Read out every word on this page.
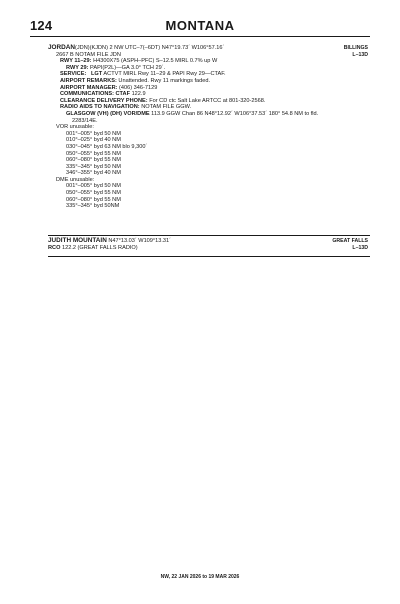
124	MONTANA
BILLINGS
L–13D
JORDAN(JDN)(KJDN) 2 NW UTC–7(–6DT) N47°19.73´ W106°57.16´
2667 B NOTAM FILE JDN
RWY 11–29: H4300X75 (ASPH–PFC) S–12.5 MIRL 0.7% up W
RWY 29: PAPI(P2L)—GA 3.0° TCH 29´.
SERVICE: LGT ACTVT MIRL Rwy 11–29 & PAPI Rwy 29—CTAF.
AIRPORT REMARKS: Unattended. Rwy 11 markings faded.
AIRPORT MANAGER: (406) 346-7129
COMMUNICATIONS: CTAF 122.9
CLEARANCE DELIVERY PHONE: For CD ctc Salt Lake ARTCC at 801-320-2568.
RADIO AIDS TO NAVIGATION: NOTAM FILE GGW.
GLASGOW (VH) (DH) VOR/DME 113.9 GGW Chan 86 N48°12.92´ W106°37.53´ 180° 54.8 NM to fld.
2283/14E.
VOR unusable:
001°–005° byd 50 NM
010°–025° byd 40 NM
030°–045° byd 63 NM blo 9,300´
050°–055° byd 55 NM
060°–080° byd 55 NM
335°–345° byd 50 NM
346°–355° byd 40 NM
DME unusable:
001°–005° byd 50 NM
050°–055° byd 55 NM
060°–080° byd 55 NM
335°–345° byd 50NM
GREAT FALLS
L–13D
JUDITH MOUNTAIN N47°13.03´ W109°13.31´
RCO 122.2 (GREAT FALLS RADIO)
NW, 22 JAN 2026 to 19 MAR 2026
